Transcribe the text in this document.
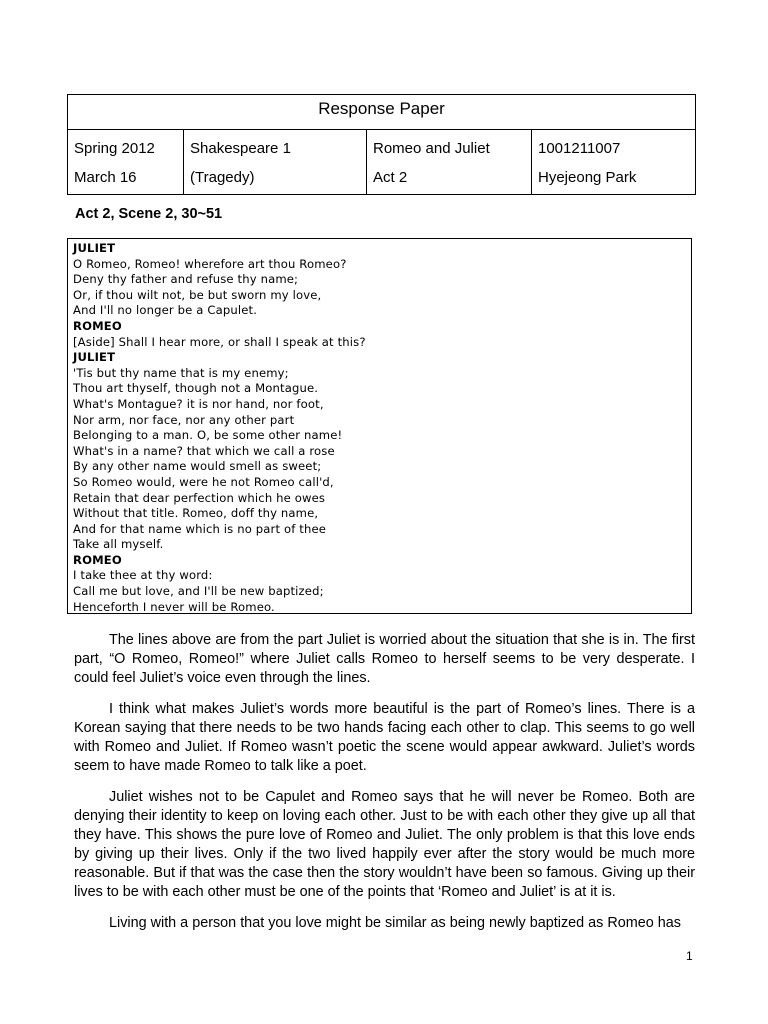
Response Paper

Spring 2012
March 16

Shakespeare 1
(Tragedy)

Romeo and Juliet
Act 2

1001211007
Hyejeong Park
Act 2, Scene 2, 30~51
JULIET
O Romeo, Romeo! wherefore art thou Romeo?
Deny thy father and refuse thy name;
Or, if thou wilt not, be but sworn my love,
And I'll no longer be a Capulet.
ROMEO
[Aside] Shall I hear more, or shall I speak at this?
JULIET
'Tis but thy name that is my enemy;
Thou art thyself, though not a Montague.
What's Montague? it is nor hand, nor foot,
Nor arm, nor face, nor any other part
Belonging to a man. O, be some other name!
What's in a name? that which we call a rose
By any other name would smell as sweet;
So Romeo would, were he not Romeo call'd,
Retain that dear perfection which he owes
Without that title. Romeo, doff thy name,
And for that name which is no part of thee
Take all myself.
ROMEO
I take thee at thy word:
Call me but love, and I'll be new baptized;
Henceforth I never will be Romeo.

The lines above are from the part Juliet is worried about the situation that she is in. The first part, “O Romeo, Romeo!” where Juliet calls Romeo to herself seems to be very desperate. I could feel Juliet’s voice even through the lines.

I think what makes Juliet’s words more beautiful is the part of Romeo’s lines. There is a Korean saying that there needs to be two hands facing each other to clap. This seems to go well with Romeo and Juliet. If Romeo wasn’t poetic the scene would appear awkward. Juliet’s words seem to have made Romeo to talk like a poet.

Juliet wishes not to be Capulet and Romeo says that he will never be Romeo. Both are denying their identity to keep on loving each other. Just to be with each other they give up all that they have. This shows the pure love of Romeo and Juliet. The only problem is that this love ends by giving up their lives. Only if the two lived happily ever after the story would be much more reasonable. But if that was the case then the story wouldn’t have been so famous. Giving up their lives to be with each other must be one of the points that ‘Romeo and Juliet’ is at it is.

Living with a person that you love might be similar as being newly baptized as Romeo has

1
